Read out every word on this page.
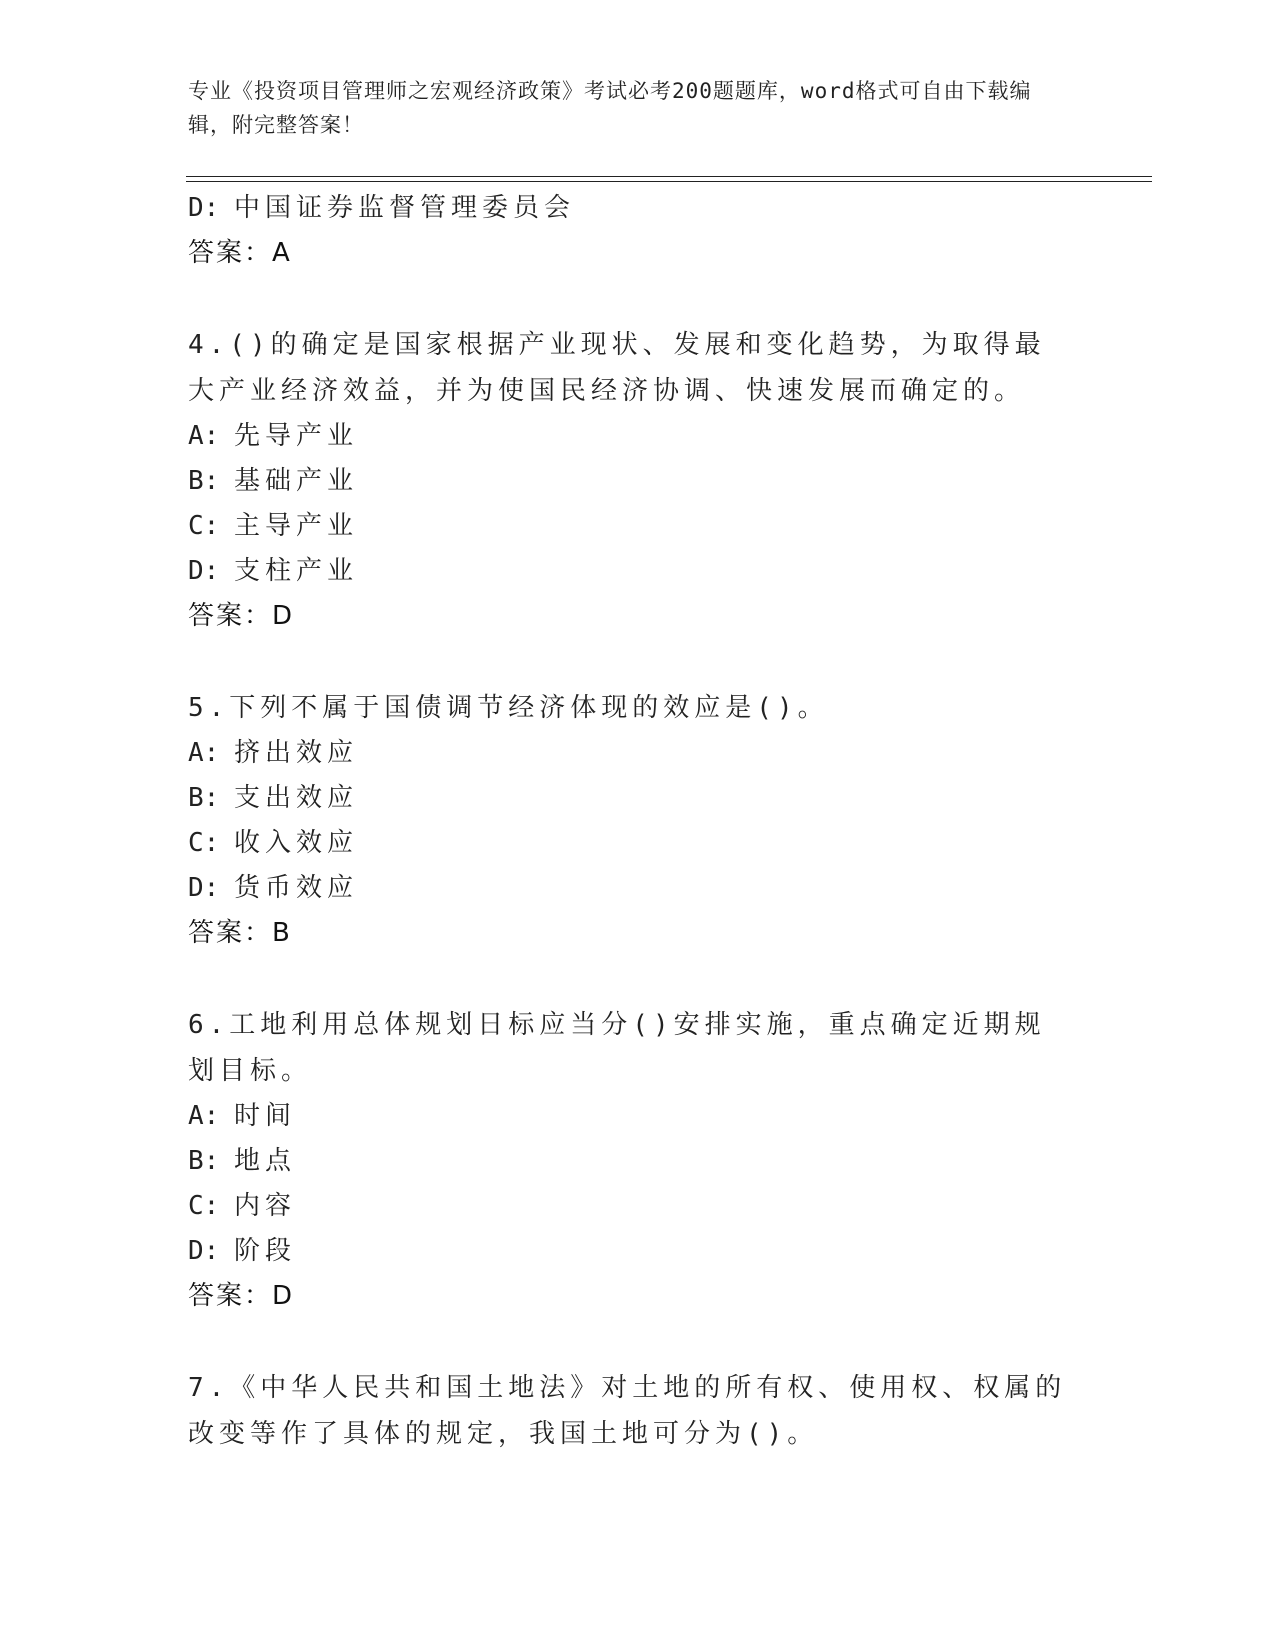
专业《投资项目管理师之宏观经济政策》考试必考200题题库，word格式可自由下载编辑，附完整答案！
D: 中国证券监督管理委员会
答案：A
4.()的确定是国家根据产业现状、发展和变化趋势，为取得最大产业经济效益，并为使国民经济协调、快速发展而确定的。
A: 先导产业
B: 基础产业
C: 主导产业
D: 支柱产业
答案：D
5.下列不属于国债调节经济体现的效应是()。
A: 挤出效应
B: 支出效应
C: 收入效应
D: 货币效应
答案：B
6.工地利用总体规划日标应当分()安排实施，重点确定近期规划目标。
A: 时间
B: 地点
C: 内容
D: 阶段
答案：D
7.《中华人民共和国土地法》对土地的所有权、使用权、权属的改变等作了具体的规定，我国土地可分为()。
